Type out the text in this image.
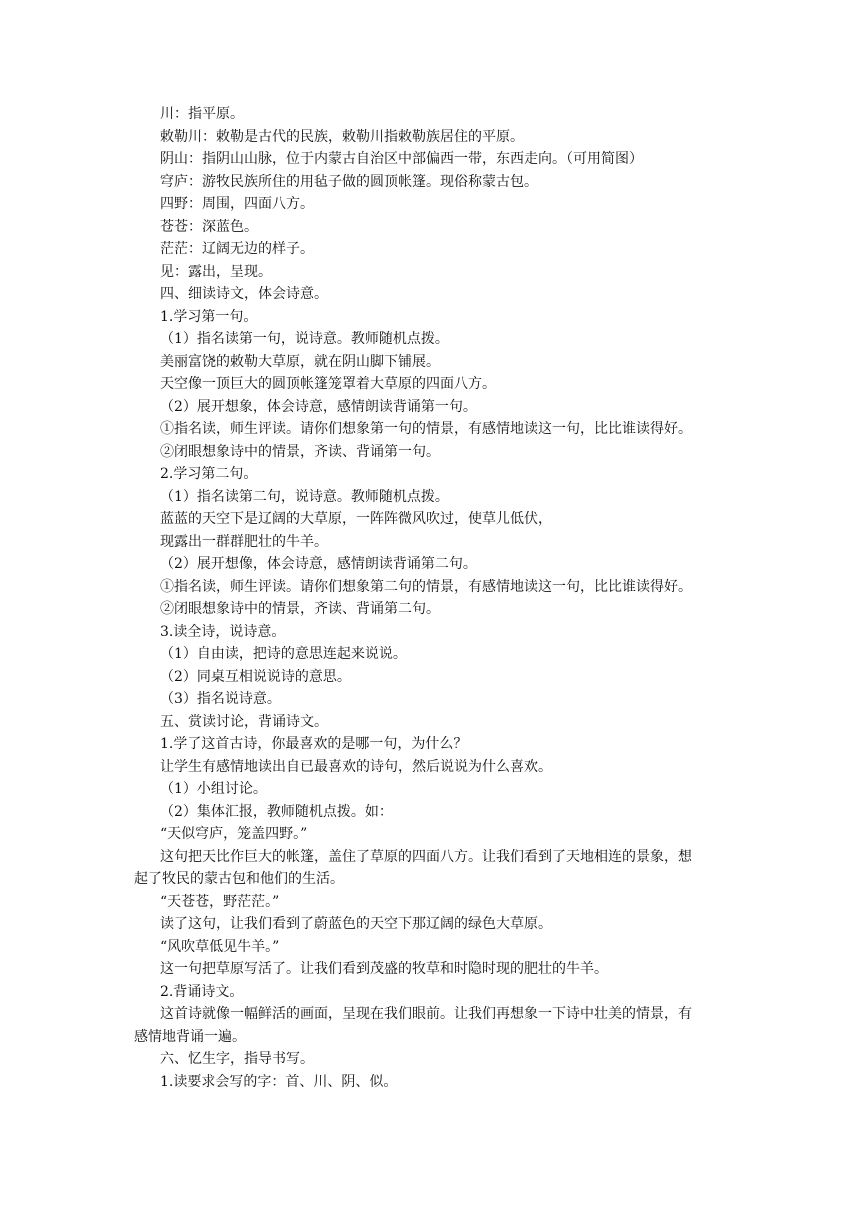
川：指平原。
敕勒川：敕勒是古代的民族，敕勒川指敕勒族居住的平原。
阴山：指阴山山脉，位于内蒙古自治区中部偏西一带，东西走向。（可用简图）
穹庐：游牧民族所住的用毡子做的圆顶帐篷。现俗称蒙古包。
四野：周围，四面八方。
苍苍：深蓝色。
茫茫：辽阔无边的样子。
见：露出，呈现。
四、细读诗文，体会诗意。
1.学习第一句。
（1）指名读第一句，说诗意。教师随机点拨。
美丽富饶的敕勒大草原，就在阴山脚下铺展。
天空像一顶巨大的圆顶帐篷笼罩着大草原的四面八方。
（2）展开想象，体会诗意，感情朗读背诵第一句。
①指名读，师生评读。请你们想象第一句的情景，有感情地读这一句，比比谁读得好。
②闭眼想象诗中的情景，齐读、背诵第一句。
2.学习第二句。
（1）指名读第二句，说诗意。教师随机点拨。
蓝蓝的天空下是辽阔的大草原，一阵阵微风吹过，使草儿低伏，
现露出一群群肥壮的牛羊。
（2）展开想像，体会诗意，感情朗读背诵第二句。
①指名读，师生评读。请你们想象第二句的情景，有感情地读这一句，比比谁读得好。
②闭眼想象诗中的情景，齐读、背诵第二句。
3.读全诗，说诗意。
（1）自由读，把诗的意思连起来说说。
（2）同桌互相说说诗的意思。
（3）指名说诗意。
五、赏读讨论，背诵诗文。
1.学了这首古诗，你最喜欢的是哪一句，为什么？
让学生有感情地读出自已最喜欢的诗句，然后说说为什么喜欢。
（1）小组讨论。
（2）集体汇报，教师随机点拨。如：
“天似穹庐，笼盖四野。”
这句把天比作巨大的帐篷，盖住了草原的四面八方。让我们看到了天地相连的景象，想
起了牧民的蒙古包和他们的生活。
“天苍苍，野茫茫。”
读了这句，让我们看到了蔚蓝色的天空下那辽阔的绿色大草原。
“风吹草低见牛羊。”
这一句把草原写活了。让我们看到茂盛的牧草和时隐时现的肥壮的牛羊。
2.背诵诗文。
这首诗就像一幅鲜活的画面，呈现在我们眼前。让我们再想象一下诗中壮美的情景，有
感情地背诵一遍。
六、忆生字，指导书写。
1.读要求会写的字：首、川、阴、似。
